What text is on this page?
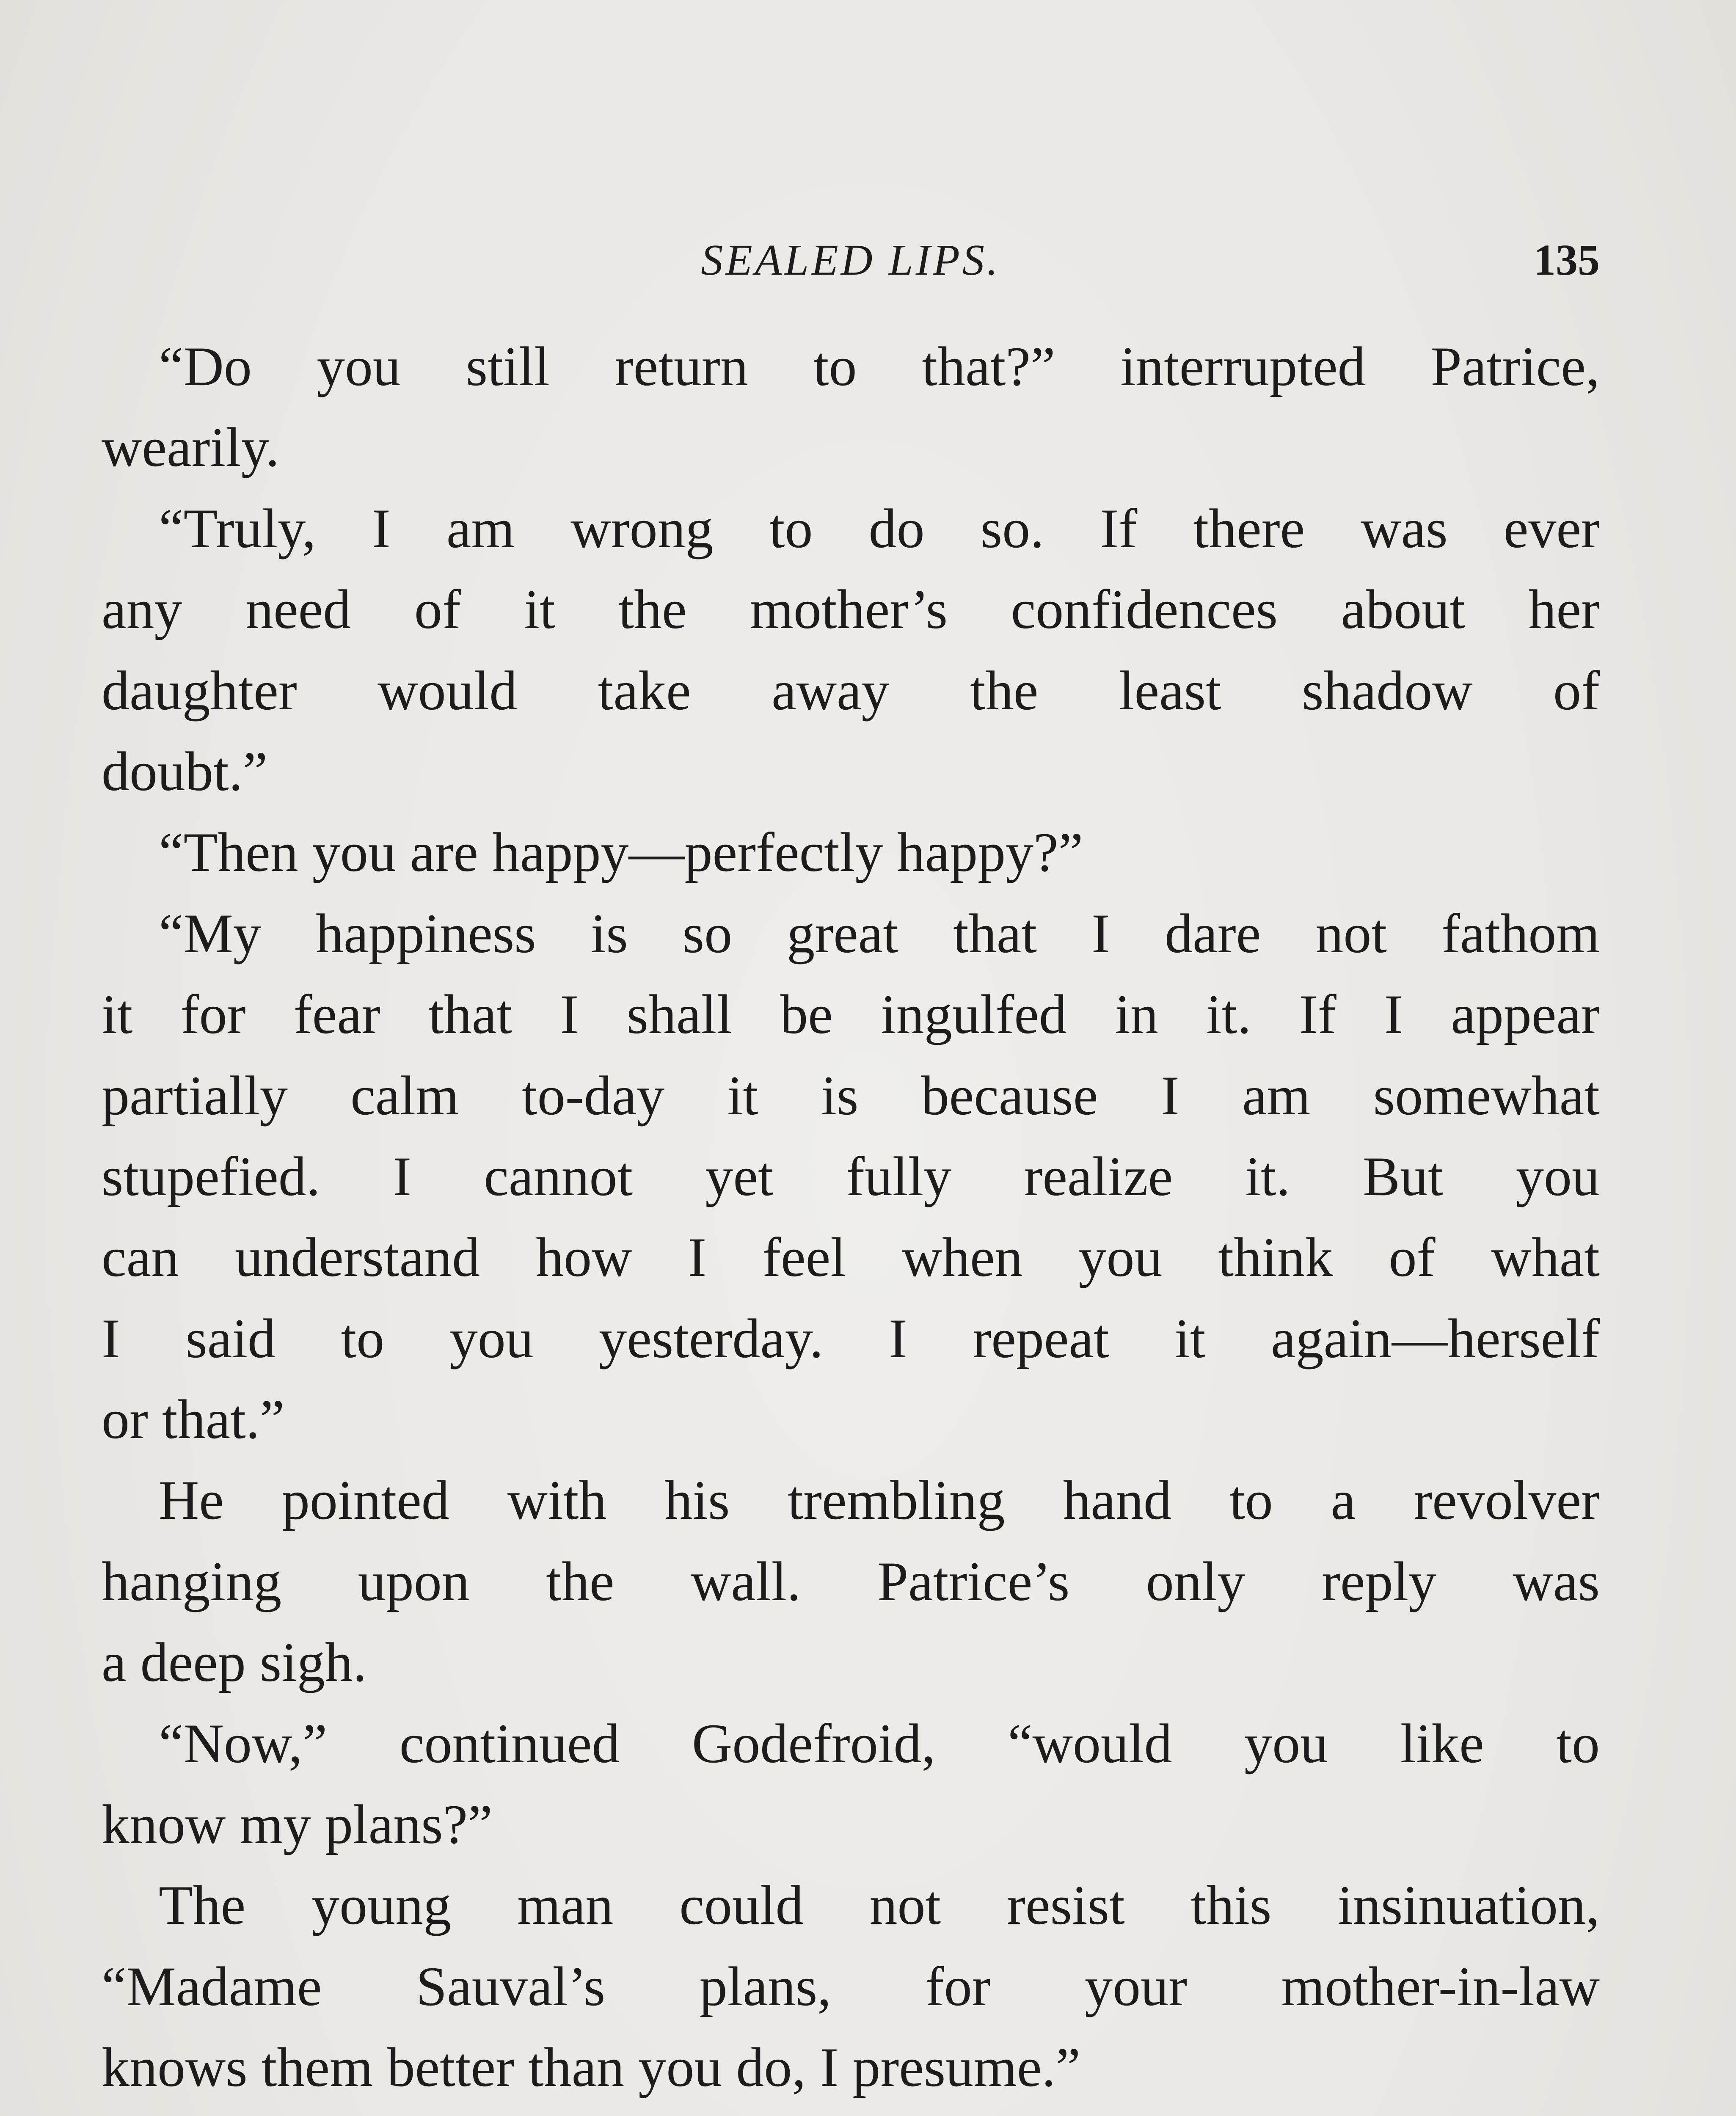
SEALED LIPS.	135
“Do you still return to that?” interrupted Patrice,
wearily.
“Truly, I am wrong to do so. If there was ever
any need of it the mother’s confidences about her
daughter would take away the least shadow of
doubt.”
“Then you are happy—perfectly happy?”
“My happiness is so great that I dare not fathom
it for fear that I shall be ingulfed in it. If I appear
partially calm to-day it is because I am somewhat
stupefied. I cannot yet fully realize it. But you
can understand how I feel when you think of what
I said to you yesterday. I repeat it again—herself
or that.”
He pointed with his trembling hand to a revolver
hanging upon the wall. Patrice’s only reply was
a deep sigh.
“Now,” continued Godefroid, “would you like to
know my plans?”
The young man could not resist this insinuation,
“Madame Sauval’s plans, for your mother-in-law
knows them better than you do, I presume.”
